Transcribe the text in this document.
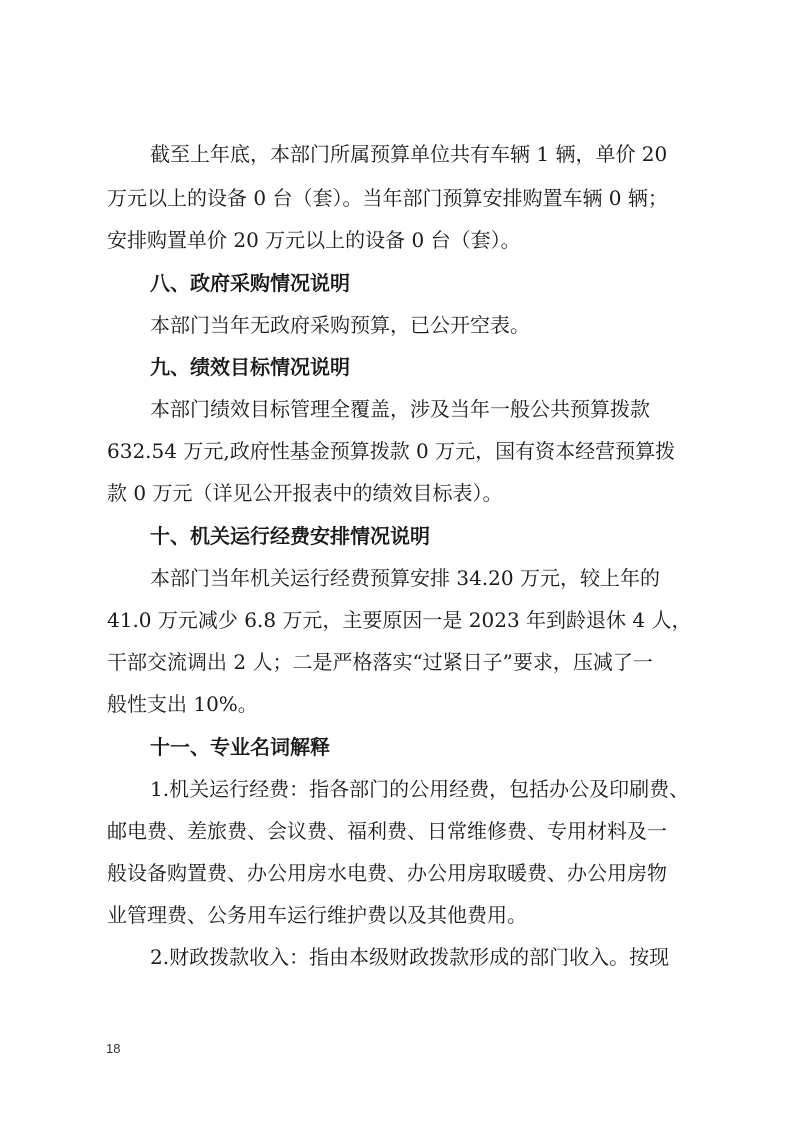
截至上年底，本部门所属预算单位共有车辆 1 辆，单价 20
万元以上的设备 0 台（套）。当年部门预算安排购置车辆 0 辆；
安排购置单价 20 万元以上的设备 0 台（套）。
八、政府采购情况说明
本部门当年无政府采购预算，已公开空表。
九、绩效目标情况说明
本部门绩效目标管理全覆盖，涉及当年一般公共预算拨款
632.54 万元,政府性基金预算拨款 0 万元，国有资本经营预算拨
款 0 万元（详见公开报表中的绩效目标表）。
十、机关运行经费安排情况说明
本部门当年机关运行经费预算安排 34.20 万元，较上年的
41.0 万元减少 6.8 万元，主要原因一是 2023 年到龄退休 4 人，
干部交流调出 2 人；二是严格落实“过紧日子”要求，压减了一
般性支出 10%。
十一、专业名词解释
1.机关运行经费：指各部门的公用经费，包括办公及印刷费、
邮电费、差旅费、会议费、福利费、日常维修费、专用材料及一
般设备购置费、办公用房水电费、办公用房取暖费、办公用房物
业管理费、公务用车运行维护费以及其他费用。
2.财政拨款收入：指由本级财政拨款形成的部门收入。按现
18
